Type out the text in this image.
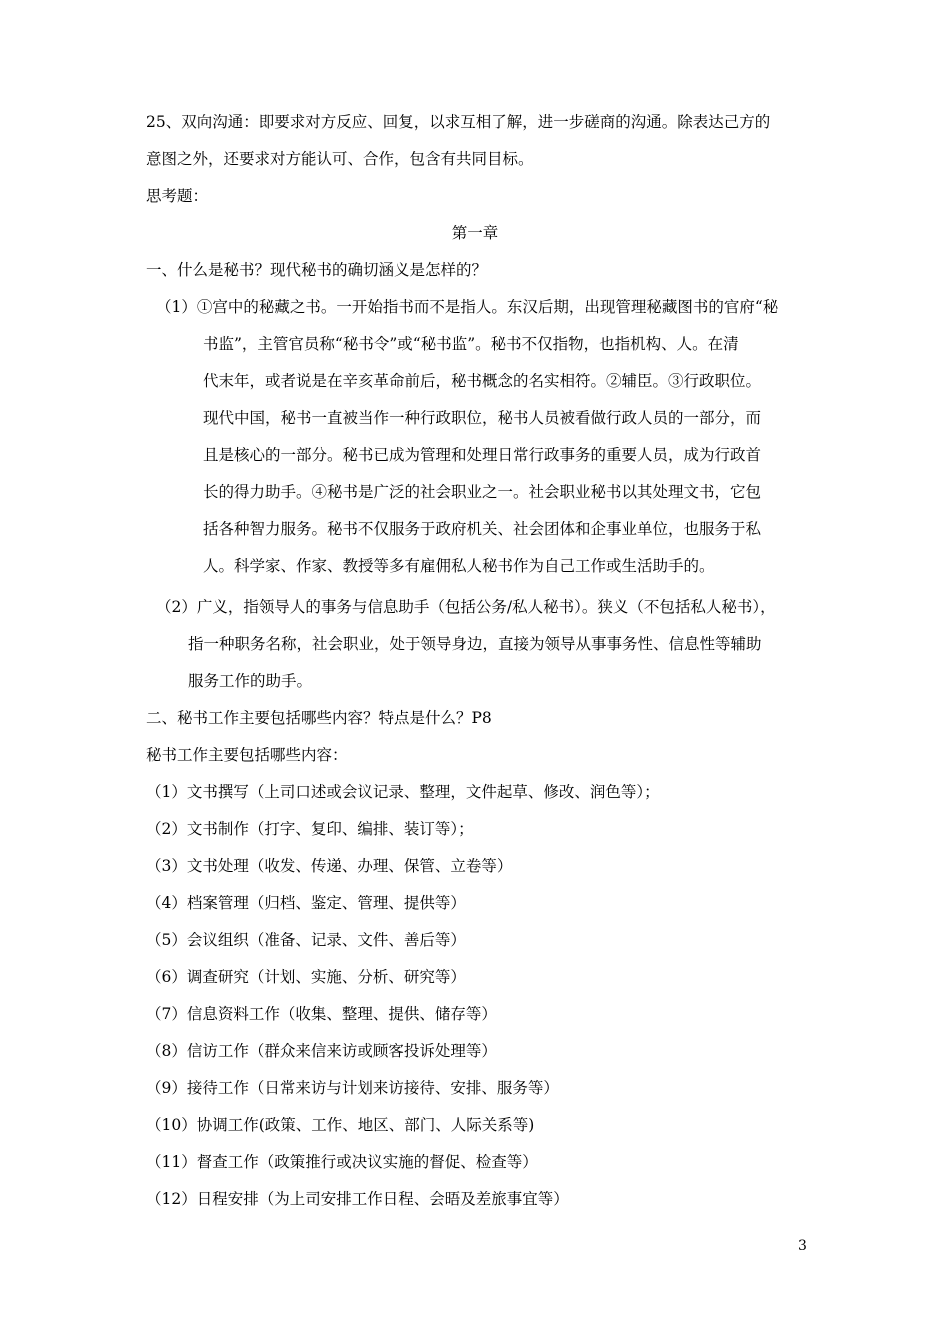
25、双向沟通：即要求对方反应、回复，以求互相了解，进一步磋商的沟通。除表达己方的
意图之外，还要求对方能认可、合作，包含有共同目标。
思考题：
第一章
一、什么是秘书？现代秘书的确切涵义是怎样的？
（1）①宫中的秘藏之书。一开始指书而不是指人。东汉后期，出现管理秘藏图书的官府“秘
书监”，主管官员称“秘书令”或“秘书监”。秘书不仅指物，也指机构、人。在清
代末年，或者说是在辛亥革命前后，秘书概念的名实相符。②辅臣。③行政职位。
现代中国，秘书一直被当作一种行政职位，秘书人员被看做行政人员的一部分，而
且是核心的一部分。秘书已成为管理和处理日常行政事务的重要人员，成为行政首
长的得力助手。④秘书是广泛的社会职业之一。社会职业秘书以其处理文书，它包
括各种智力服务。秘书不仅服务于政府机关、社会团体和企事业单位，也服务于私
人。科学家、作家、教授等多有雇佣私人秘书作为自己工作或生活助手的。
（2）广义，指领导人的事务与信息助手（包括公务/私人秘书）。狭义（不包括私人秘书），
指一种职务名称，社会职业，处于领导身边，直接为领导从事事务性、信息性等辅助
服务工作的助手。
二、秘书工作主要包括哪些内容？特点是什么？P8
秘书工作主要包括哪些内容：
（1）文书撰写（上司口述或会议记录、整理，文件起草、修改、润色等）；
（2）文书制作（打字、复印、编排、装订等）；
（3）文书处理（收发、传递、办理、保管、立卷等）
（4）档案管理（归档、鉴定、管理、提供等）
（5）会议组织（准备、记录、文件、善后等）
（6）调查研究（计划、实施、分析、研究等）
（7）信息资料工作（收集、整理、提供、储存等）
（8）信访工作（群众来信来访或顾客投诉处理等）
（9）接待工作（日常来访与计划来访接待、安排、服务等）
（10）协调工作(政策、工作、地区、部门、人际关系等)
（11）督查工作（政策推行或决议实施的督促、检查等）
（12）日程安排（为上司安排工作日程、会晤及差旅事宜等）
3
